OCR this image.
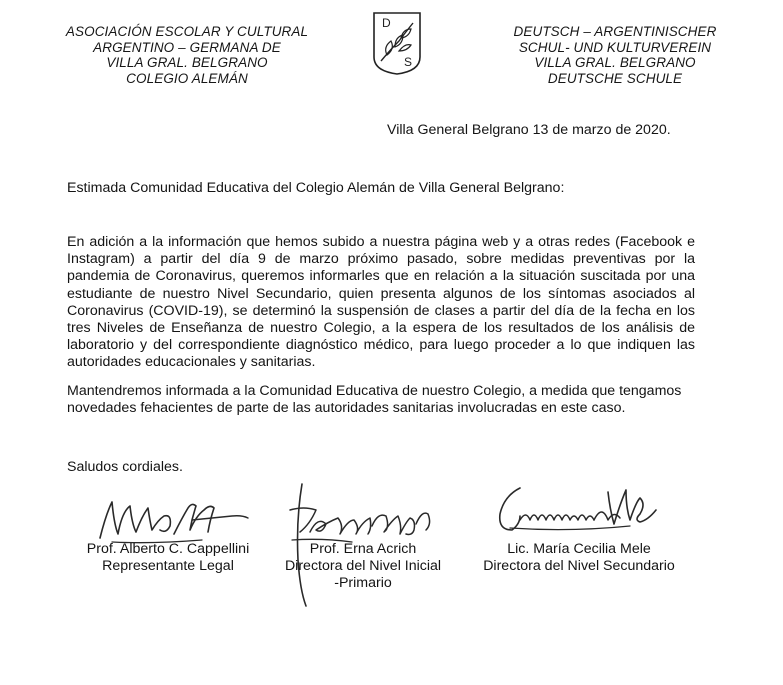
ASOCIACIÓN ESCOLAR Y CULTURAL
ARGENTINO – GERMANA DE
VILLA GRAL. BELGRANO
COLEGIO ALEMÁN
D
S
DEUTSCH – ARGENTINISCHER
SCHUL- UND KULTURVEREIN
VILLA GRAL. BELGRANO
DEUTSCHE SCHULE
Villa General Belgrano 13 de marzo de 2020.
Estimada Comunidad Educativa del Colegio Alemán de Villa General Belgrano:
En adición a la información que hemos subido a nuestra página web y a otras redes (Facebook e
Instagram) a partir del día 9 de marzo próximo pasado, sobre medidas preventivas por la
pandemia de Coronavirus, queremos informarles que en relación a la situación suscitada por una
estudiante de nuestro Nivel Secundario, quien presenta algunos de los síntomas asociados al
Coronavirus (COVID-19), se determinó la suspensión de clases a partir del día de la fecha en los
tres Niveles de Enseñanza de nuestro Colegio, a la espera de los resultados de los análisis de
laboratorio y del correspondiente diagnóstico médico, para luego proceder a lo que indiquen las
autoridades educacionales y sanitarias.
Mantendremos informada a la Comunidad Educativa de nuestro Colegio, a medida que tengamos
novedades fehacientes de parte de las autoridades sanitarias involucradas en este caso.
Saludos cordiales.
Prof. Alberto C. Cappellini
Representante Legal
Prof. Erna Acrich
Directora del Nivel Inicial
-Primario
Lic. María Cecilia Mele
Directora del Nivel Secundario
